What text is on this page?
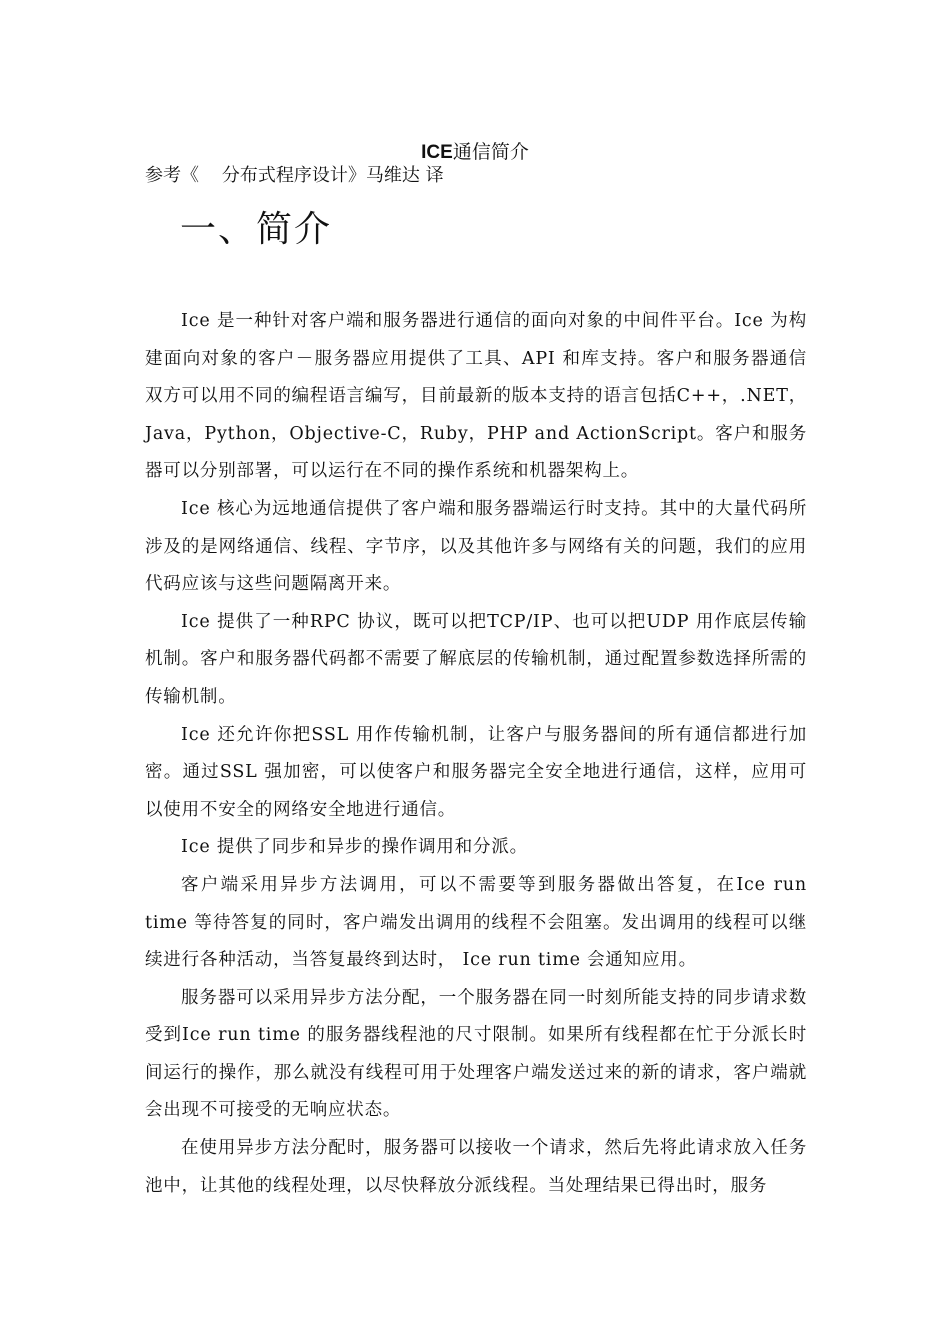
ICE通信简介
参考《    分布式程序设计》马维达 译
一、简介

Ice 是一种针对客户端和服务器进行通信的面向对象的中间件平台。Ice 为构建面向对象的客户－服务器应用提供了工具、API 和库支持。客户和服务器通信双方可以用不同的编程语言编写，目前最新的版本支持的语言包括C++，.NET，Java，Python，Objective-C，Ruby，PHP and ActionScript。客户和服务器可以分别部署，可以运行在不同的操作系统和机器架构上。

Ice 核心为远地通信提供了客户端和服务器端运行时支持。其中的大量代码所涉及的是网络通信、线程、字节序，以及其他许多与网络有关的问题，我们的应用代码应该与这些问题隔离开来。

Ice 提供了一种RPC 协议，既可以把TCP/IP、也可以把UDP 用作底层传输机制。客户和服务器代码都不需要了解底层的传输机制，通过配置参数选择所需的传输机制。

Ice 还允许你把SSL 用作传输机制，让客户与服务器间的所有通信都进行加密。通过SSL 强加密，可以使客户和服务器完全安全地进行通信，这样，应用可以使用不安全的网络安全地进行通信。

Ice 提供了同步和异步的操作调用和分派。

客户端采用异步方法调用，可以不需要等到服务器做出答复，在Ice run time 等待答复的同时，客户端发出调用的线程不会阻塞。发出调用的线程可以继续进行各种活动，当答复最终到达时， Ice run time 会通知应用。

服务器可以采用异步方法分配，一个服务器在同一时刻所能支持的同步请求数受到Ice run time 的服务器线程池的尺寸限制。如果所有线程都在忙于分派长时间运行的操作，那么就没有线程可用于处理客户端发送过来的新的请求，客户端就会出现不可接受的无响应状态。

在使用异步方法分配时，服务器可以接收一个请求，然后先将此请求放入任务池中，让其他的线程处理，以尽快释放分派线程。当处理结果已得出时，服务
